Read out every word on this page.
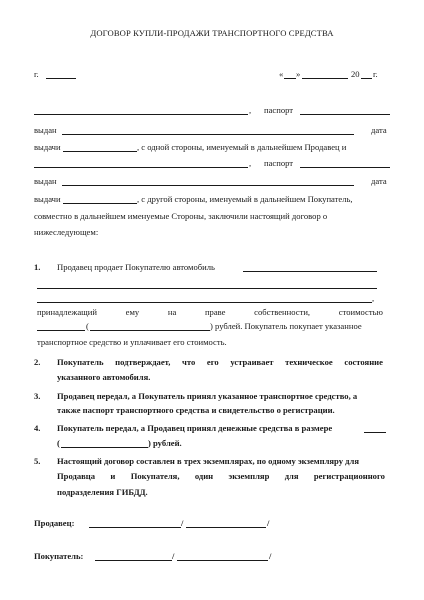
ДОГОВОР КУПЛИ-ПРОДАЖИ ТРАНСПОРТНОГО СРЕДСТВА
г.	« »	20 г.
, паспорт
выдан	дата
выдачи	, с одной стороны, именуемый в дальнейшем Продавец и
, паспорт
выдан	дата
выдачи	, с другой стороны, именуемый в дальнейшем Покупатель,
совместно в дальнейшем именуемые Стороны, заключили настоящий договор о
нижеследующем:
1. Продавец продает Покупателю автомобиль
,
принадлежащий	ему	на	праве	собственности,	стоимостью
(	) рублей. Покупатель покупает указанное
транспортное средство и уплачивает его стоимость.
2. Покупатель подтверждает, что его устраивает техническое состояние
указанного автомобиля.
3. Продавец передал, а Покупатель принял указанное транспортное средство, а
также паспорт транспортного средства и свидетельство о регистрации.
4. Покупатель передал, а Продавец принял денежные средства в размере
(	) рублей.
5. Настоящий договор составлен в трех экземплярах, по одному экземпляру для
Продавца и Покупателя, один экземпляр для регистрационного
подразделения ГИБДД.
Продавец:	/	/
Покупатель:	/	/
